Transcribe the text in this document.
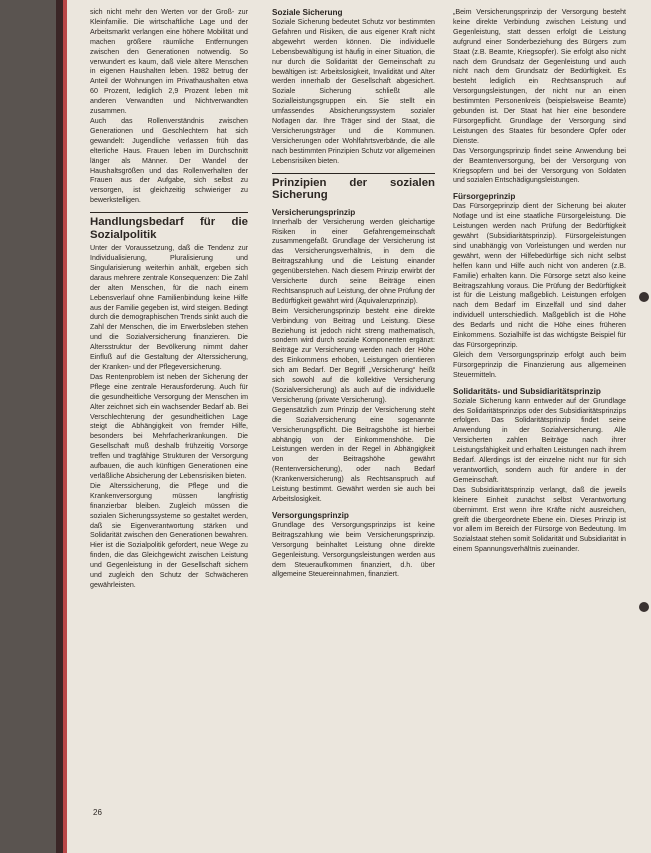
sich nicht mehr den Werten vor der Groß- zur Kleinfamilie. Die wirtschaftliche Lage und der Arbeitsmarkt verlangen eine höhere Mobilität und machen größere räumliche Entfernungen zwischen den Generationen notwendig. So verwundert es kaum, daß viele ältere Menschen in eigenen Haushalten leben. 1982 betrug der Anteil der Wohnungen im Privathaushalten etwa 60 Prozent, lediglich 2,9 Prozent leben mit anderen Verwandten und Nichtverwandten zusammen.

Auch das Rollenverständnis zwischen Generationen und Geschlechtern hat sich gewandelt: Jugendliche verlassen früh das elterliche Haus. Frauen leben im Durchschnitt länger als Männer. Der Wandel der Haushaltsgrößen und das Rollenverhalten der Frauen aus der Aufgabe, sich selbst zu versorgen, ist gleichzeitig schwieriger zu bewerkstelligen.

Handlungsbedarf für die Sozialpolitik

Unter der Voraussetzung, daß die Tendenz zur Individualisierung, Pluralisierung und Singularisierung weiterhin anhält, ergeben sich daraus mehrere zentrale Konsequenzen: Die Zahl der alten Menschen, für die nach einem Lebensverlauf ohne Familienbindung keine Hilfe aus der Familie gegeben ist, wird steigen. Bedingt durch die demographischen Trends sinkt auch die Zahl der Menschen, die im Erwerbsleben stehen und die Sozialversicherung finanzieren. Die Altersstruktur der Bevölkerung nimmt daher Einfluß auf die Gestaltung der Alterssicherung, der Kranken- und der Pflegeversicherung.

Das Rentenproblem ist neben der Sicherung der Pflege eine zentrale Herausforderung. Auch für die gesundheitliche Versorgung der Menschen im Alter zeichnet sich ein wachsender Bedarf ab. Bei Verschlechterung der gesundheitlichen Lage steigt die Abhängigkeit von fremder Hilfe, besonders bei Mehrfacherkrankungen. Die Gesellschaft muß deshalb frühzeitig Vorsorge treffen und tragfähige Strukturen der Versorgung aufbauen, die auch künftigen Generationen eine verläßliche Absicherung der Lebensrisiken bieten.

Die Alterssicherung, die Pflege und die Krankenversorgung müssen langfristig finanzierbar bleiben. Zugleich müssen die sozialen Sicherungssysteme so gestaltet werden, daß sie Eigenverantwortung stärken und Solidarität zwischen den Generationen bewahren. Hier ist die Sozialpolitik gefordert, neue Wege zu finden, die das Gleichgewicht zwischen Leistung und Gegenleistung in der Gesellschaft sichern und zugleich den Schutz der Schwächeren gewährleisten.

Soziale Sicherung

Soziale Sicherung bedeutet Schutz vor bestimmten Gefahren und Risiken, die aus eigener Kraft nicht abgewehrt werden können. Die individuelle Lebensbewältigung ist häufig in einer Situation, die nur durch die Solidarität der Gemeinschaft zu bewältigen ist: Arbeitslosigkeit, Invalidität und Alter werden innerhalb der Gesellschaft abgesichert. Soziale Sicherung schließt alle Sozialleistungsgruppen ein. Sie stellt ein umfassendes Absicherungssystem sozialer Notlagen dar. Ihre Träger sind der Staat, die Versicherungsträger und die Kommunen. Versicherungen oder Wohlfahrtsverbände, die alle nach bestimmten Prinzipien Schutz vor allgemeinen Lebensrisiken bieten.

Prinzipien der sozialen Sicherung

Versicherungsprinzip

Innerhalb der Versicherung werden gleichartige Risiken in einer Gefahrengemeinschaft zusammengefaßt. Grundlage der Versicherung ist das Versicherungsverhältnis, in dem die Beitragszahlung und die Leistung einander gegenüberstehen. Nach diesem Prinzip erwirbt der Versicherte durch seine Beiträge einen Rechtsanspruch auf Leistung, der ohne Prüfung der Bedürftigkeit gewährt wird (Äquivalenzprinzip).

Beim Versicherungsprinzip besteht eine direkte Verbindung von Beitrag und Leistung. Diese Beziehung ist jedoch nicht streng mathematisch, sondern wird durch soziale Komponenten ergänzt: Beiträge zur Versicherung werden nach der Höhe des Einkommens erhoben, Leistungen orientieren sich am Bedarf. Der Begriff „Versicherung“ heißt sich sowohl auf die kollektive Versicherung (Sozialversicherung) als auch auf die individuelle Versicherung (private Versicherung).

Gegensätzlich zum Prinzip der Versicherung steht die Sozialversicherung eine sogenannte Versicherungspflicht. Die Beitragshöhe ist hierbei abhängig von der Einkommenshöhe. Die Leistungen werden in der Regel in Abhängigkeit von der Beitragshöhe gewährt (Rentenversicherung), oder nach Bedarf (Krankenversicherung) als Rechtsanspruch auf Leistung bestimmt. Gewährt werden sie auch bei Arbeitslosigkeit.

Versorgungsprinzip

Grundlage des Versorgungsprinzips ist keine Beitragszahlung wie beim Versicherungsprinzip. Versorgung beinhaltet Leistung ohne direkte Gegenleistung. Versorgungsleistungen werden aus dem Steueraufkommen finanziert, d.h. über allgemeine Steuereinnahmen, finanziert.

„Beim Versicherungsprinzip der Versorgung besteht keine direkte Verbindung zwischen Leistung und Gegenleistung, statt dessen erfolgt die Leistung aufgrund einer Sonderbeziehung des Bürgers zum Staat (z.B. Beamte, Kriegsopfer). Sie erfolgt also nicht nach dem Grundsatz der Gegenleistung und auch nicht nach dem Grundsatz der Bedürftigkeit. Es besteht lediglich ein Rechtsanspruch auf Versorgungsleistungen, der nicht nur an einen bestimmten Personenkreis (beispielsweise Beamte) gebunden ist. Der Staat hat hier eine besondere Fürsorgepflicht. Grundlage der Versorgung sind Leistungen des Staates für besondere Opfer oder Dienste.

Das Versorgungsprinzip findet seine Anwendung bei der Beamtenversorgung, bei der Versorgung von Kriegsopfern und bei der Versorgung von Soldaten und sozialen Entschädigungsleistungen.

Fürsorgeprinzip

Das Fürsorgeprinzip dient der Sicherung bei akuter Notlage und ist eine staatliche Fürsorgeleistung. Die Leistungen werden nach Prüfung der Bedürftigkeit gewährt (Subsidiaritätsprinzip). Fürsorgeleistungen sind unabhängig von Vorleistungen und werden nur gewährt, wenn der Hilfebedürftige sich nicht selbst helfen kann und Hilfe auch nicht von anderen (z.B. Familie) erhalten kann. Die Fürsorge setzt also keine Beitragszahlung voraus. Die Prüfung der Bedürftigkeit ist für die Leistung maßgeblich. Leistungen erfolgen nach dem Bedarf im Einzelfall und sind daher individuell unterschiedlich. Maßgeblich ist die Höhe des Bedarfs und nicht die Höhe eines früheren Einkommens. Sozialhilfe ist das wichtigste Beispiel für das Fürsorgeprinzip.

Gleich dem Versorgungsprinzip erfolgt auch beim Fürsorgeprinzip die Finanzierung aus allgemeinen Steuermitteln.

Solidaritäts- und Subsidiaritätsprinzip

Soziale Sicherung kann entweder auf der Grundlage des Solidaritätsprinzips oder des Subsidiaritätsprinzips erfolgen. Das Solidaritätsprinzip findet seine Anwendung in der Sozialversicherung. Alle Versicherten zahlen Beiträge nach ihrer Leistungsfähigkeit und erhalten Leistungen nach ihrem Bedarf. Allerdings ist der einzelne nicht nur für sich verantwortlich, sondern auch für andere in der Gemeinschaft.

Das Subsidiaritätsprinzip verlangt, daß die jeweils kleinere Einheit zunächst selbst Verantwortung übernimmt. Erst wenn ihre Kräfte nicht ausreichen, greift die übergeordnete Ebene ein. Dieses Prinzip ist vor allem im Bereich der Fürsorge von Bedeutung. Im Sozialstaat stehen somit Solidarität und Subsidiarität in einem Spannungsverhältnis zueinander.

26
